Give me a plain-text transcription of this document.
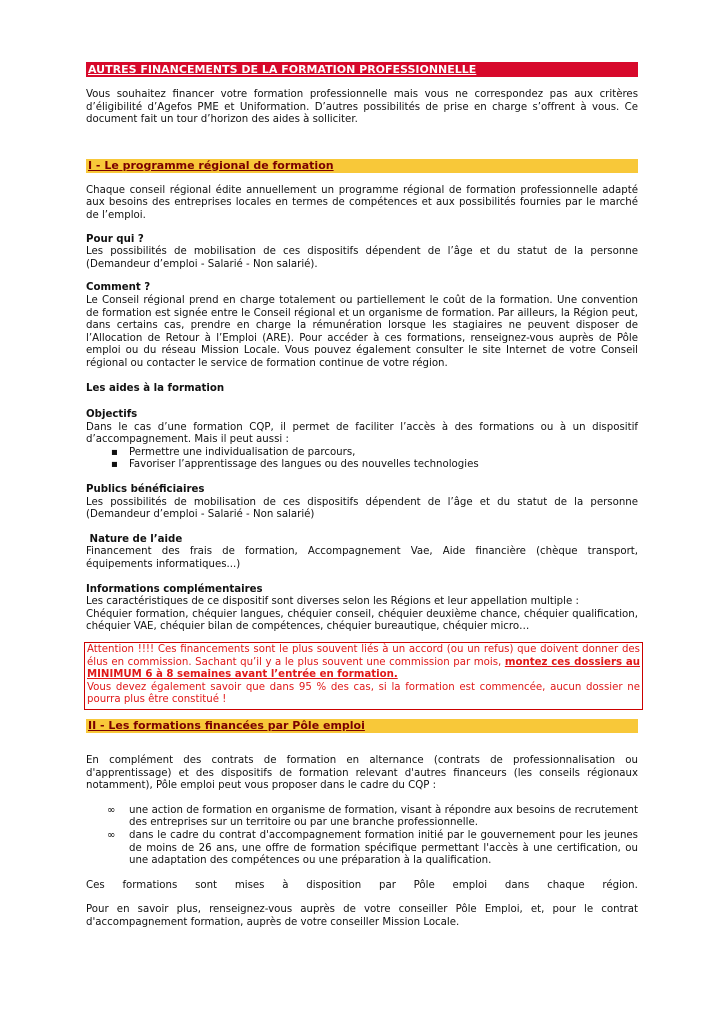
AUTRES FINANCEMENTS DE LA FORMATION PROFESSIONNELLE

Vous souhaitez financer votre formation professionnelle mais vous ne correspondez pas aux critères d’éligibilité d’Agefos PME et Uniformation. D’autres possibilités de prise en charge s’offrent à vous. Ce document fait un tour d’horizon des aides à solliciter.

I - Le programme régional de formation

Chaque conseil régional édite annuellement un programme régional de formation professionnelle adapté aux besoins des entreprises locales en termes de compétences et aux possibilités fournies par le marché de l’emploi.

Pour qui ?

Les possibilités de mobilisation de ces dispositifs dépendent de l’âge et du statut de la personne (Demandeur d’emploi - Salarié - Non salarié).

Comment ?

Le Conseil régional prend en charge totalement ou partiellement le coût de la formation. Une convention de formation est signée entre le Conseil régional et un organisme de formation. Par ailleurs, la Région peut, dans certains cas, prendre en charge la rémunération lorsque les stagiaires ne peuvent disposer de l’Allocation de Retour à l’Emploi (ARE). Pour accéder à ces formations, renseignez-vous auprès de Pôle emploi ou du réseau Mission Locale. Vous pouvez également consulter le site Internet de votre Conseil régional ou contacter le service de formation continue de votre région.

Les aides à la formation

Objectifs

Dans le cas d’une formation CQP, il permet de faciliter l’accès à des formations ou à un dispositif d’accompagnement. Mais il peut aussi :

▪ Permettre une individualisation de parcours,
▪ Favoriser l’apprentissage des langues ou des nouvelles technologies

Publics bénéficiaires

Les possibilités de mobilisation de ces dispositifs dépendent de l’âge et du statut de la personne (Demandeur d’emploi - Salarié - Non salarié)

Nature de l’aide

Financement des frais de formation, Accompagnement Vae, Aide financière (chèque transport, équipements informatiques...)

Informations complémentaires

Les caractéristiques de ce dispositif sont diverses selon les Régions et leur appellation multiple :

Chéquier formation, chéquier langues, chéquier conseil, chéquier deuxième chance, chéquier qualification, chéquier VAE, chéquier bilan de compétences, chéquier bureautique, chéquier micro…

Attention !!!! Ces financements sont le plus souvent liés à un accord (ou un refus) que doivent donner des élus en commission. Sachant qu’il y a le plus souvent une commission par mois, montez ces dossiers au MINIMUM 6 à 8 semaines avant l’entrée en formation.
Vous devez également savoir que dans 95 % des cas, si la formation est commencée, aucun dossier ne pourra plus être constitué !
II - Les formations financées par Pôle emploi

En complément des contrats de formation en alternance (contrats de professionnalisation ou d'apprentissage) et des dispositifs de formation relevant d'autres financeurs (les conseils régionaux notamment), Pôle emploi peut vous proposer dans le cadre du CQP :

∞ une action de formation en organisme de formation, visant à répondre aux besoins de recrutement des entreprises sur un territoire ou par une branche professionnelle.
∞ dans le cadre du contrat d'accompagnement formation initié par le gouvernement pour les jeunes de moins de 26 ans, une offre de formation spécifique permettant l'accès à une certification, ou une adaptation des compétences ou une préparation à la qualification.
Ces formations sont mises à disposition par Pôle emploi dans chaque région.

Pour en savoir plus, renseignez-vous auprès de votre conseiller Pôle Emploi, et, pour le contrat d'accompagnement formation, auprès de votre conseiller Mission Locale.
